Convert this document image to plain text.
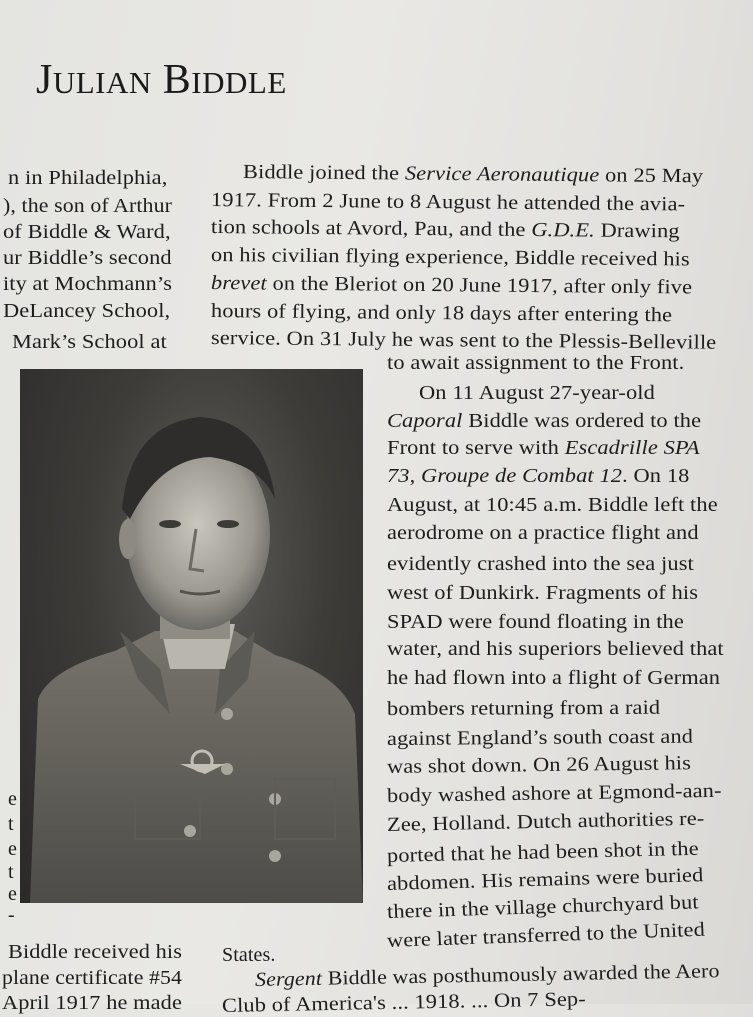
JULIAN BIDDLE
n in Philadelphia,
), the son of Arthur
of Biddle & Ward,
ur Biddle’s second
ity at Mochmann’s
DeLancey School,
Mark’s School at
e
t
e
t
e
-
Biddle received his
plane certificate #54
April 1917 he made
Biddle joined the Service Aeronautique on 25 May
1917. From 2 June to 8 August he attended the avia-
tion schools at Avord, Pau, and the G.D.E. Drawing
on his civilian flying experience, Biddle received his
brevet on the Bleriot on 20 June 1917, after only five
hours of flying, and only 18 days after entering the
service. On 31 July he was sent to the Plessis-Belleville
to await assignment to the Front.
On 11 August 27-year-old
Caporal Biddle was ordered to the
Front to serve with Escadrille SPA
73, Groupe de Combat 12. On 18
August, at 10:45 a.m. Biddle left the
aerodrome on a practice flight and
evidently crashed into the sea just
west of Dunkirk. Fragments of his
SPAD were found floating in the
water, and his superiors believed that
he had flown into a flight of German
bombers returning from a raid
against England’s south coast and
was shot down. On 26 August his
body washed ashore at Egmond-aan-
Zee, Holland. Dutch authorities re-
ported that he had been shot in the
abdomen. His remains were buried
there in the village churchyard but
were later transferred to the United
States.
Sergent Biddle was posthumously awarded the Aero
Club of America's ... 1918. ... On 7 Sep-
